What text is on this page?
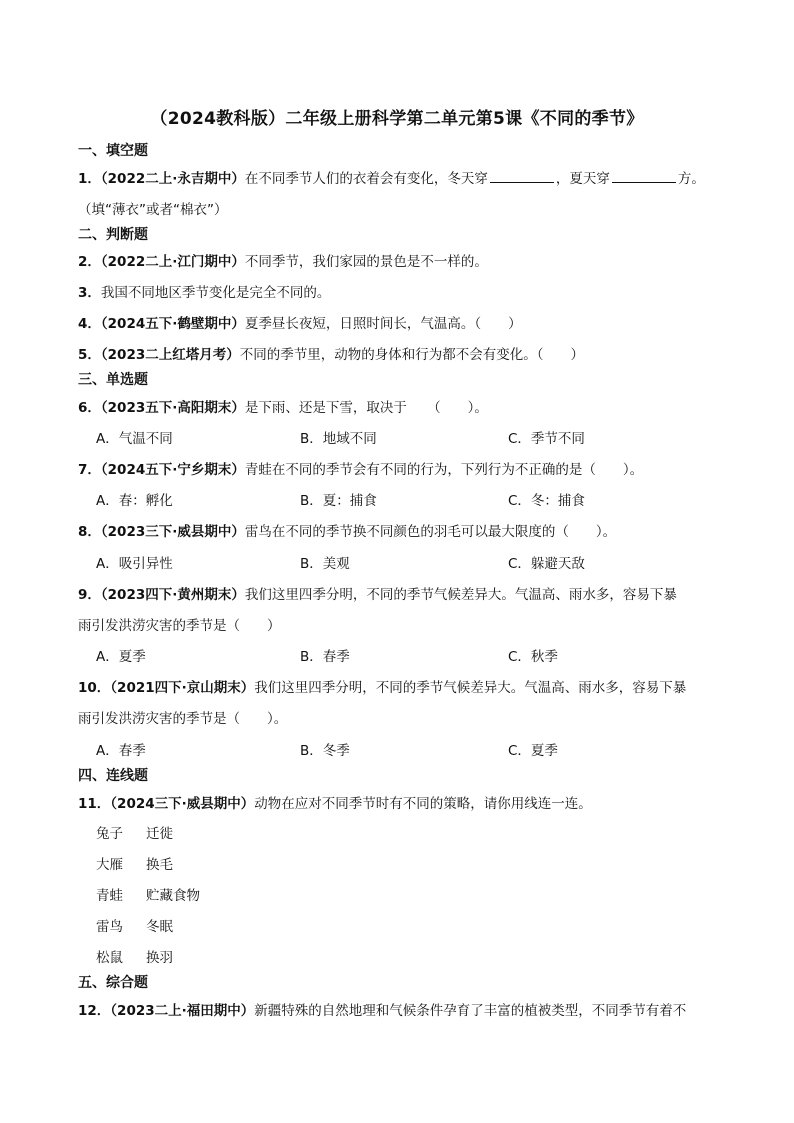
（2024教科版）二年级上册科学第二单元第5课《不同的季节》
一、填空题
1．（2022二上·永吉期中）在不同季节人们的衣着会有变化，冬天穿	，夏天穿	方。
（填“薄衣”或者“棉衣”）
二、判断题
2．（2022二上·江门期中）不同季节，我们家园的景色是不一样的。
3．我国不同地区季节变化是完全不同的。
4．（2024五下·鹤壁期中）夏季昼长夜短，日照时间长，气温高。（　　）
5．（2023二上红塔月考）不同的季节里，动物的身体和行为都不会有变化。（　　）
三、单选题
6．（2023五下·高阳期末）是下雨、还是下雪，取决于　　（　　）。
A．气温不同	B．地域不同	C．季节不同
7．（2024五下·宁乡期末）青蛙在不同的季节会有不同的行为，下列行为不正确的是（　　）。
A．春：孵化	B．夏：捕食	C．冬：捕食
8．（2023三下·威县期中）雷鸟在不同的季节换不同颜色的羽毛可以最大限度的（　　）。
A．吸引异性	B．美观	C．躲避天敌
9．（2023四下·黄州期末）我们这里四季分明，不同的季节气候差异大。气温高、雨水多，容易下暴
雨引发洪涝灾害的季节是（　　）
A．夏季	B．春季	C．秋季
10．（2021四下·京山期末）我们这里四季分明，不同的季节气候差异大。气温高、雨水多，容易下暴
雨引发洪涝灾害的季节是（　　）。
A．春季	B．冬季	C．夏季
四、连线题
11．（2024三下·威县期中）动物在应对不同季节时有不同的策略，请你用线连一连。
兔子 迁徙
大雁 换毛
青蛙 贮藏食物
雷鸟 冬眠
松鼠 换羽
五、综合题
12．（2023二上·福田期中）新疆特殊的自然地理和气候条件孕育了丰富的植被类型，不同季节有着不
